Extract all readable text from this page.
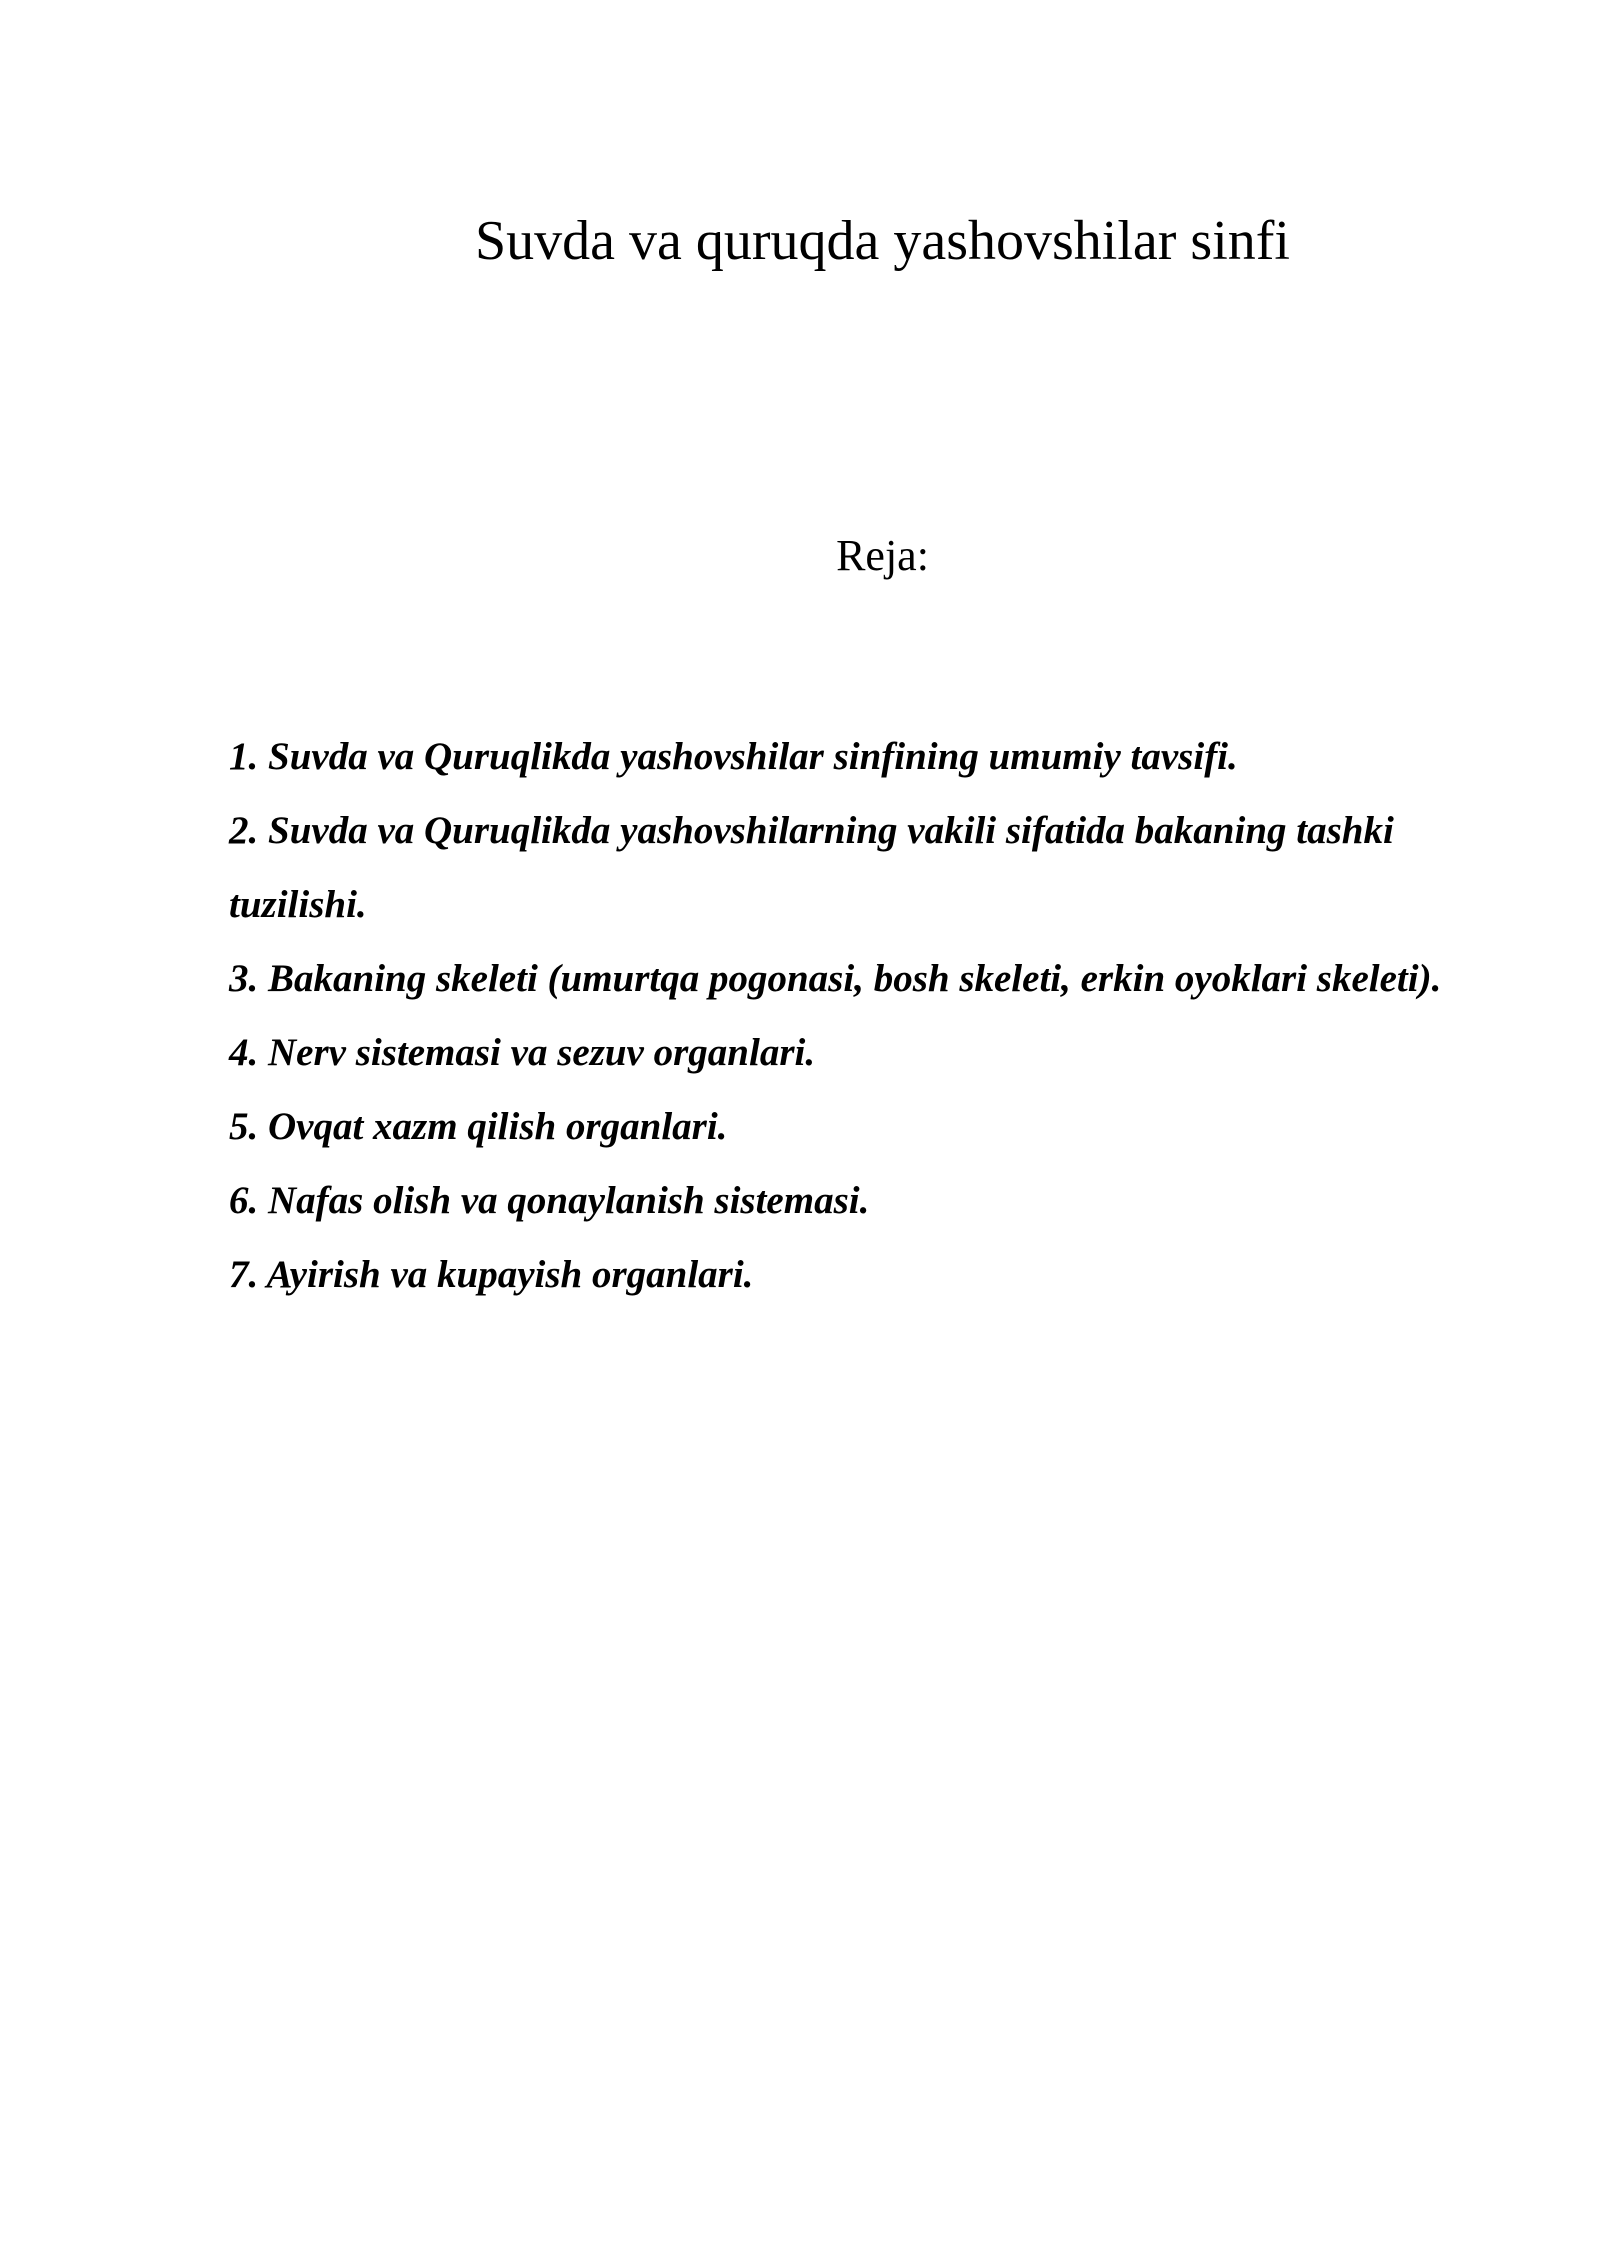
Suvda va quruqda yashovshilar sinfi
Reja:
1. Suvda va Quruqlikda yashovshilar sinfining umumiy tavsifi.
2. Suvda va Quruqlikda yashovshilarning vakili sifatida bakaning tashki tuzilishi.
3. Bakaning skeleti (umurtqa pogonasi, bosh skeleti, erkin oyoklari skeleti).
4. Nerv sistemasi va sezuv organlari.
5. Ovqat xazm qilish organlari.
6. Nafas olish va qonaylanish sistemasi.
7. Ayirish va kupayish organlari.
